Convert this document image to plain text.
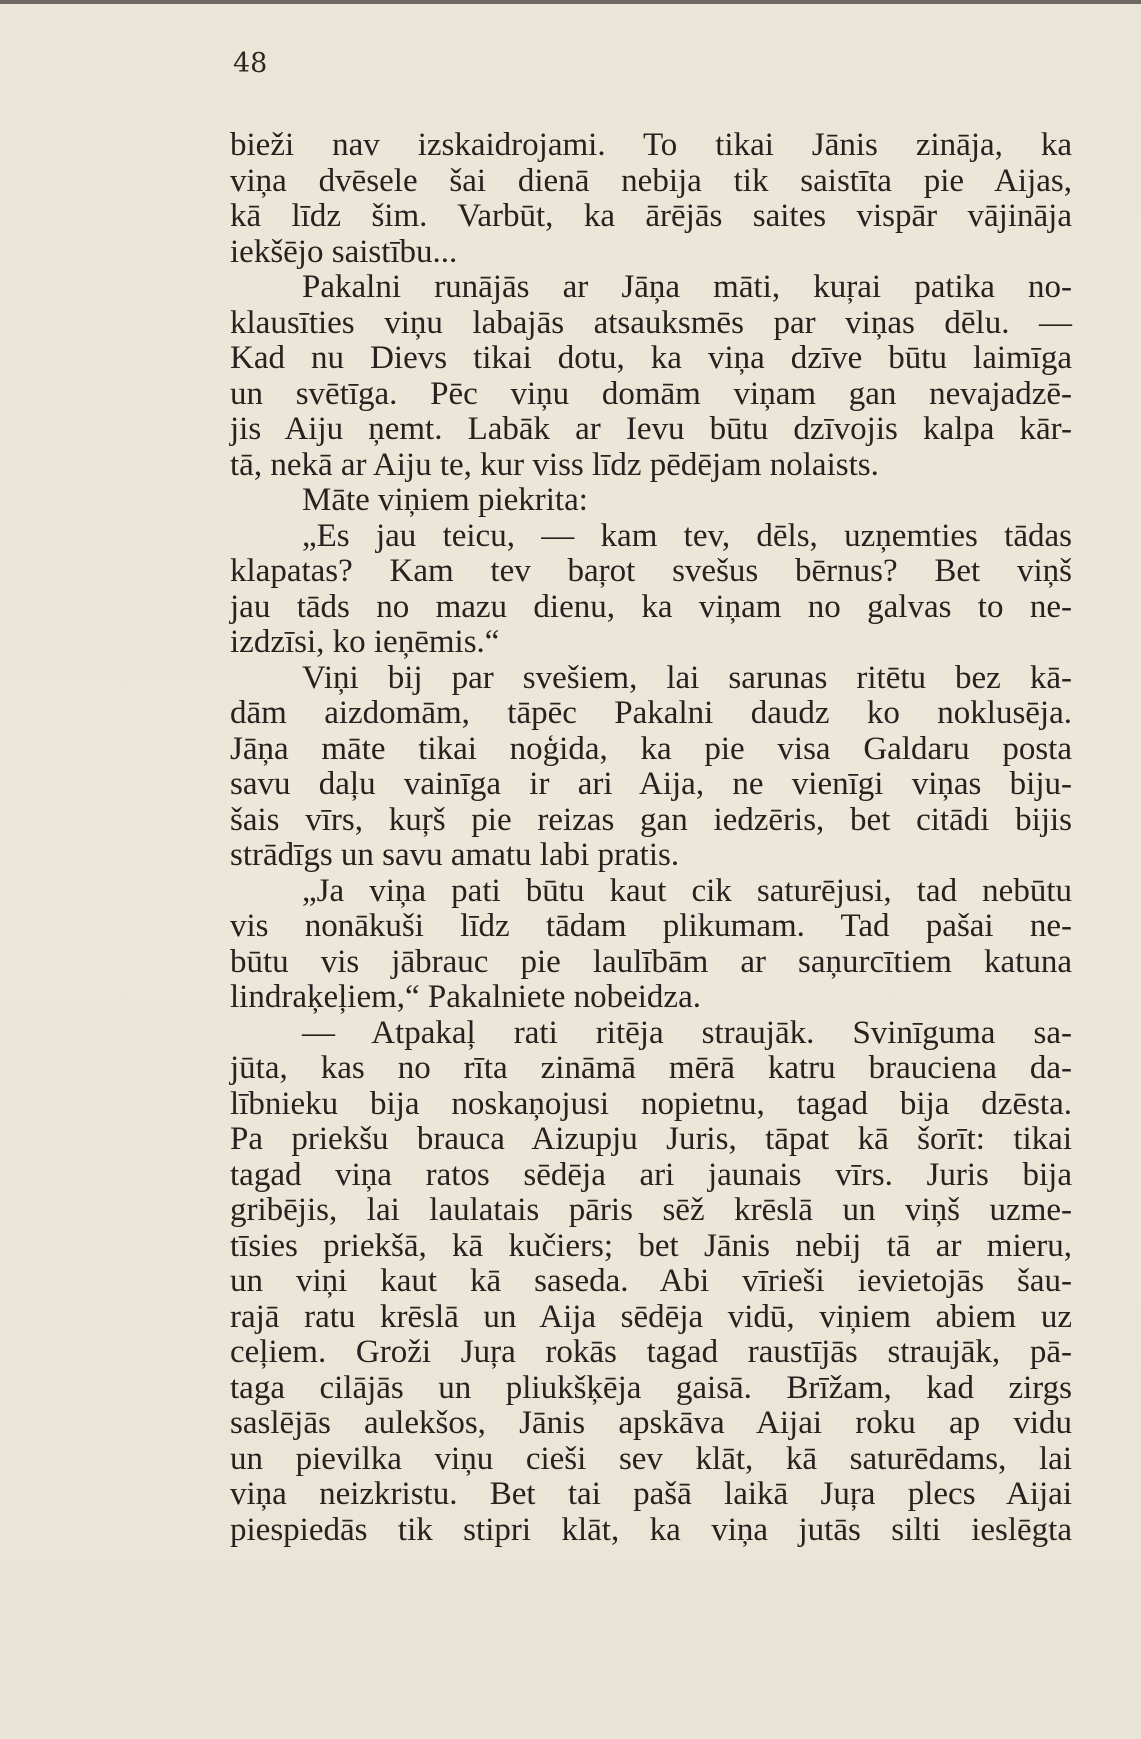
48

bieži nav izskaidrojami. To tikai Jānis zināja, ka
viņa dvēsele šai dienā nebija tik saistīta pie Aijas,
kā līdz šim. Varbūt, ka ārējās saites vispār vājināja
iekšējo saistību...
Pakalni runājās ar Jāņa māti, kuŗai patika no-
klausīties viņu labajās atsauksmēs par viņas dēlu. —
Kad nu Dievs tikai dotu, ka viņa dzīve būtu laimīga
un svētīga. Pēc viņu domām viņam gan nevajadzē-
jis Aiju ņemt. Labāk ar Ievu būtu dzīvojis kalpa kār-
tā, nekā ar Aiju te, kur viss līdz pēdējam nolaists.
Māte viņiem piekrita:
„Es jau teicu, — kam tev, dēls, uzņemties tādas
klapatas? Kam tev baŗot svešus bērnus? Bet viņš
jau tāds no mazu dienu, ka viņam no galvas to ne-
izdzīsi, ko ieņēmis.“
Viņi bij par svešiem, lai sarunas ritētu bez kā-
dām aizdomām, tāpēc Pakalni daudz ko noklusēja.
Jāņa māte tikai noģida, ka pie visa Galdaru posta
savu daļu vainīga ir ari Aija, ne vienīgi viņas biju-
šais vīrs, kuŗš pie reizas gan iedzēris, bet citādi bijis
strādīgs un savu amatu labi pratis.
„Ja viņa pati būtu kaut cik saturējusi, tad nebūtu
vis nonākuši līdz tādam plikumam. Tad pašai ne-
būtu vis jābrauc pie laulībām ar saņurcītiem katuna
lindraķeļiem,“ Pakalniete nobeidza.
— Atpakaļ rati ritēja straujāk. Svinīguma sa-
jūta, kas no rīta zināmā mērā katru brauciena da-
lībnieku bija noskaņojusi nopietnu, tagad bija dzēsta.
Pa priekšu brauca Aizupju Juris, tāpat kā šorīt: tikai
tagad viņa ratos sēdēja ari jaunais vīrs. Juris bija
gribējis, lai laulatais pāris sēž krēslā un viņš uzme-
tīsies priekšā, kā kučiers; bet Jānis nebij tā ar mieru,
un viņi kaut kā saseda. Abi vīrieši ievietojās šau-
rajā ratu krēslā un Aija sēdēja vidū, viņiem abiem uz
ceļiem. Groži Juŗa rokās tagad raustījās straujāk, pā-
taga cilājās un pliukšķēja gaisā. Brīžam, kad zirgs
saslējās aulekšos, Jānis apskāva Aijai roku ap vidu
un pievilka viņu cieši sev klāt, kā saturēdams, lai
viņa neizkristu. Bet tai pašā laikā Juŗa plecs Aijai
piespiedās tik stipri klāt, ka viņa jutās silti ieslēgta
